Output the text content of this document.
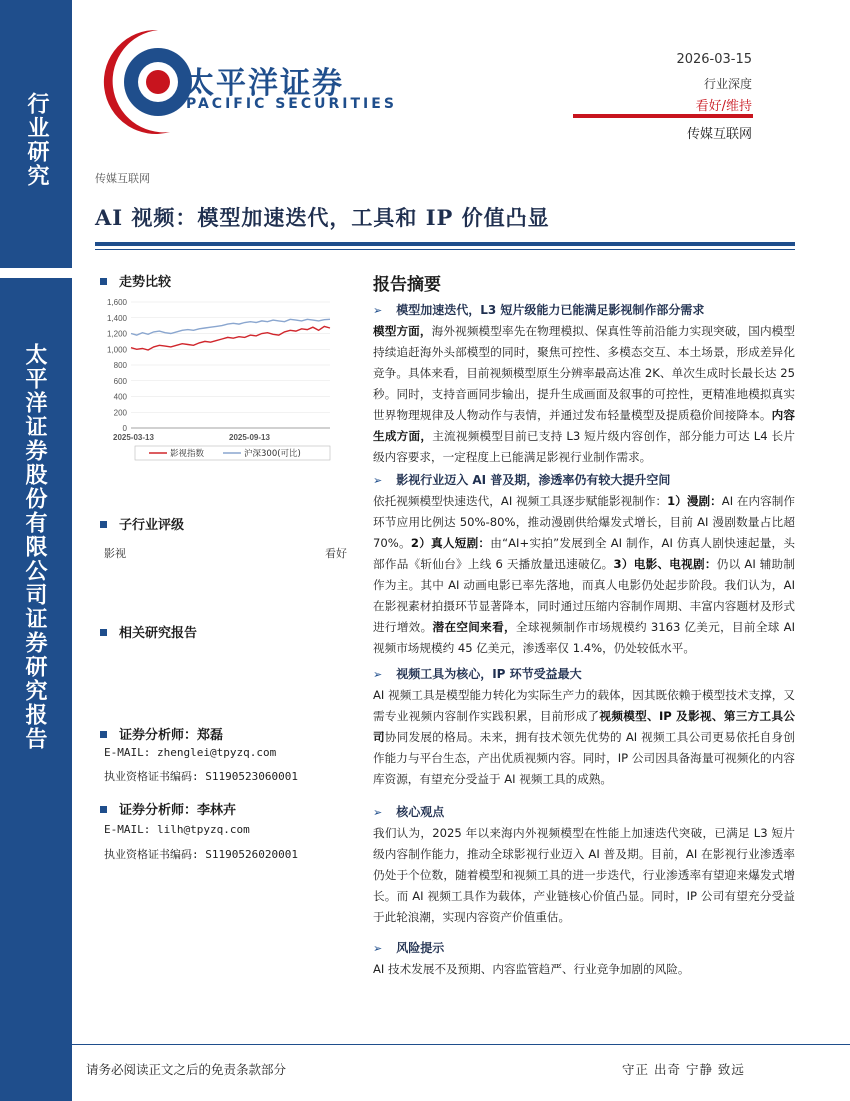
行业研究
太平洋证券股份有限公司证券研究报告
太平洋证券
PACIFIC SECURITIES
2026-03-15
行业深度
看好/维持
传媒互联网
传媒互联网
AI 视频：模型加速迭代，工具和 IP 价值凸显
走势比较
0
200
400
600
800
1,000
1,200
1,400
1,600
2025-03-13	2025-09-13
影视指数	沪深300(可比)
子行业评级
影视	看好
相关研究报告
证券分析师：郑磊
E-MAIL: zhenglei@tpyzq.com
执业资格证书编码: S1190523060001
证券分析师：李林卉
E-MAIL: lilh@tpyzq.com
执业资格证书编码: S1190526020001
报告摘要
➢ 模型加速迭代，L3 短片级能力已能满足影视制作部分需求
模型方面，海外视频模型率先在物理模拟、保真性等前沿能力实现突破，国内模型持续追赶海外头部模型的同时，聚焦可控性、多模态交互、本土场景，形成差异化竞争。具体来看，目前视频模型原生分辨率最高达准 2K、单次生成时长最长达 25 秒。同时，支持音画同步输出，提升生成画面及叙事的可控性，更精准地模拟真实世界物理规律及人物动作与表情，并通过发布轻量模型及提质稳价间接降本。内容生成方面，主流视频模型目前已支持 L3 短片级内容创作，部分能力可达 L4 长片级内容要求，一定程度上已能满足影视行业制作需求。
➢ 影视行业迈入 AI 普及期，渗透率仍有较大提升空间
依托视频模型快速迭代，AI 视频工具逐步赋能影视制作：1）漫剧：AI 在内容制作环节应用比例达 50%-80%，推动漫剧供给爆发式增长，目前 AI 漫剧数量占比超 70%。2）真人短剧：由“AI+实拍”发展到全 AI 制作，AI 仿真人剧快速起量，头部作品《斩仙台》上线 6 天播放量迅速破亿。3）电影、电视剧：仍以 AI 辅助制作为主。其中 AI 动画电影已率先落地，而真人电影仍处起步阶段。我们认为，AI 在影视素材拍摄环节显著降本，同时通过压缩内容制作周期、丰富内容题材及形式进行增效。潜在空间来看，全球视频制作市场规模约 3163 亿美元，目前全球 AI 视频市场规模约 45 亿美元，渗透率仅 1.4%，仍处较低水平。
➢ 视频工具为核心，IP 环节受益最大
AI 视频工具是模型能力转化为实际生产力的载体，因其既依赖于模型技术支撑，又需专业视频内容制作实践积累，目前形成了视频模型、IP 及影视、第三方工具公司协同发展的格局。未来，拥有技术领先优势的 AI 视频工具公司更易依托自身创作能力与平台生态，产出优质视频内容。同时，IP 公司因具备海量可视频化的内容库资源，有望充分受益于 AI 视频工具的成熟。
➢ 核心观点
我们认为，2025 年以来海内外视频模型在性能上加速迭代突破，已满足 L3 短片级内容制作能力，推动全球影视行业迈入 AI 普及期。目前，AI 在影视行业渗透率仍处于个位数，随着模型和视频工具的进一步迭代，行业渗透率有望迎来爆发式增长。而 AI 视频工具作为载体，产业链核心价值凸显。同时，IP 公司有望充分受益于此轮浪潮，实现内容资产价值重估。
➢ 风险提示
AI 技术发展不及预期、内容监管趋严、行业竞争加剧的风险。
请务必阅读正文之后的免责条款部分	守正 出奇 宁静 致远
